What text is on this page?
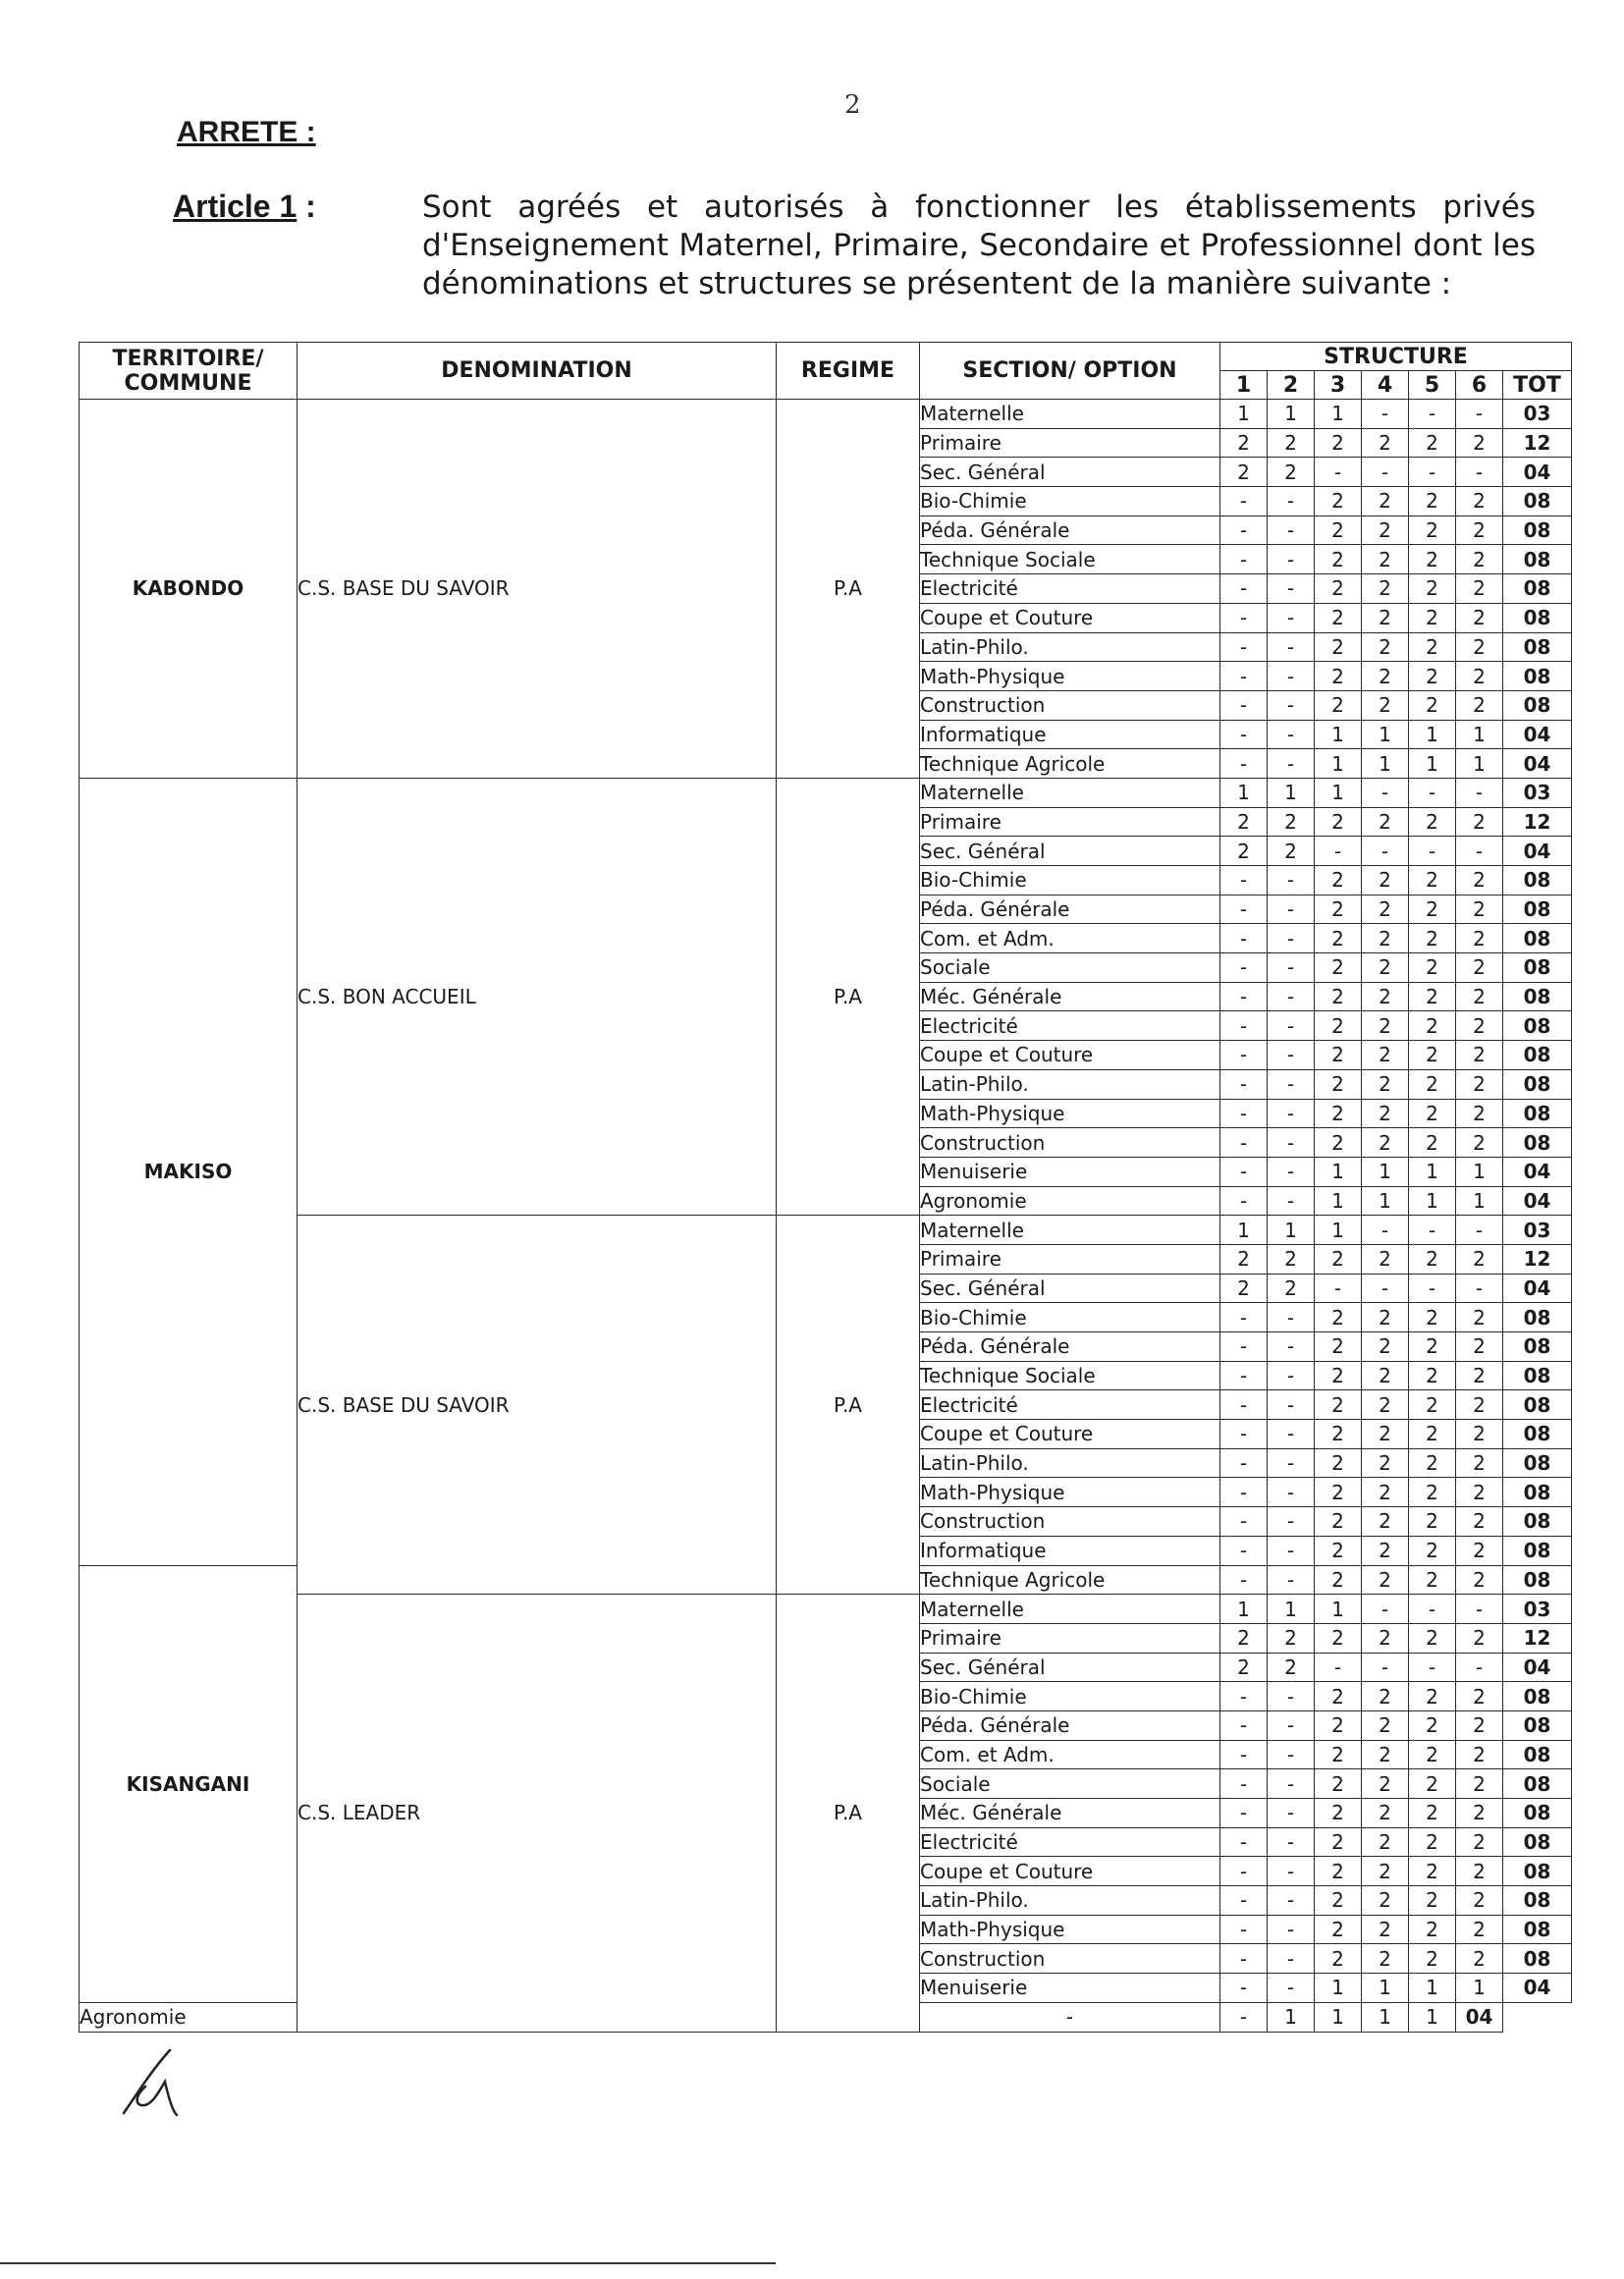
2
ARRETE :
Article 1 :	Sont agréés et autorisés à fonctionner les établissements privés d'Enseignement Maternel, Primaire, Secondaire et Professionnel dont les dénominations et structures se présentent de la manière suivante :
TERRITOIRE/ COMMUNE	DENOMINATION	REGIME	SECTION/ OPTION	STRUCTURE						
				1	2	3	4	5	6	TOT
KABONDO	C.S. BASE DU SAVOIR	P.A	Maternelle	1	1	1	-	-	-	03
			Primaire	2	2	2	2	2	2	12
			Sec. Général	2	2	-	-	-	-	04
			Bio-Chimie	-	-	2	2	2	2	08
			Péda. Générale	-	-	2	2	2	2	08
			Technique Sociale	-	-	2	2	2	2	08
			Electricité	-	-	2	2	2	2	08
			Coupe et Couture	-	-	2	2	2	2	08
			Latin-Philo.	-	-	2	2	2	2	08
			Math-Physique	-	-	2	2	2	2	08
			Construction	-	-	2	2	2	2	08
			Informatique	-	-	1	1	1	1	04
			Technique Agricole	-	-	1	1	1	1	04
MAKISO	C.S. BON ACCUEIL	P.A	Maternelle	1	1	1	-	-	-	03
			Primaire	2	2	2	2	2	2	12
			Sec. Général	2	2	-	-	-	-	04
			Bio-Chimie	-	-	2	2	2	2	08
			Péda. Générale	-	-	2	2	2	2	08
			Com. et Adm.	-	-	2	2	2	2	08
			Sociale	-	-	2	2	2	2	08
			Méc. Générale	-	-	2	2	2	2	08
			Electricité	-	-	2	2	2	2	08
			Coupe et Couture	-	-	2	2	2	2	08
			Latin-Philo.	-	-	2	2	2	2	08
			Math-Physique	-	-	2	2	2	2	08
			Construction	-	-	2	2	2	2	08
			Menuiserie	-	-	1	1	1	1	04
			Agronomie	-	-	1	1	1	1	04
	C.S. BASE DU SAVOIR	P.A	Maternelle	1	1	1	-	-	-	03
			Primaire	2	2	2	2	2	2	12
			Sec. Général	2	2	-	-	-	-	04
			Bio-Chimie	-	-	2	2	2	2	08
			Péda. Générale	-	-	2	2	2	2	08
			Technique Sociale	-	-	2	2	2	2	08
			Electricité	-	-	2	2	2	2	08
			Coupe et Couture	-	-	2	2	2	2	08
			Latin-Philo.	-	-	2	2	2	2	08
			Math-Physique	-	-	2	2	2	2	08
			Construction	-	-	2	2	2	2	08
			Informatique	-	-	2	2	2	2	08
KISANGANI			Technique Agricole	-	-	2	2	2	2	08
	C.S. LEADER	P.A	Maternelle	1	1	1	-	-	-	03
			Primaire	2	2	2	2	2	2	12
			Sec. Général	2	2	-	-	-	-	04
			Bio-Chimie	-	-	2	2	2	2	08
			Péda. Générale	-	-	2	2	2	2	08
			Com. et Adm.	-	-	2	2	2	2	08
			Sociale	-	-	2	2	2	2	08
			Méc. Générale	-	-	2	2	2	2	08
			Electricité	-	-	2	2	2	2	08
			Coupe et Couture	-	-	2	2	2	2	08
			Latin-Philo.	-	-	2	2	2	2	08
			Math-Physique	-	-	2	2	2	2	08
			Construction	-	-	2	2	2	2	08
			Menuiserie	-	-	1	1	1	1	04
Agronomie			-	-	1	1	1	1	04	
